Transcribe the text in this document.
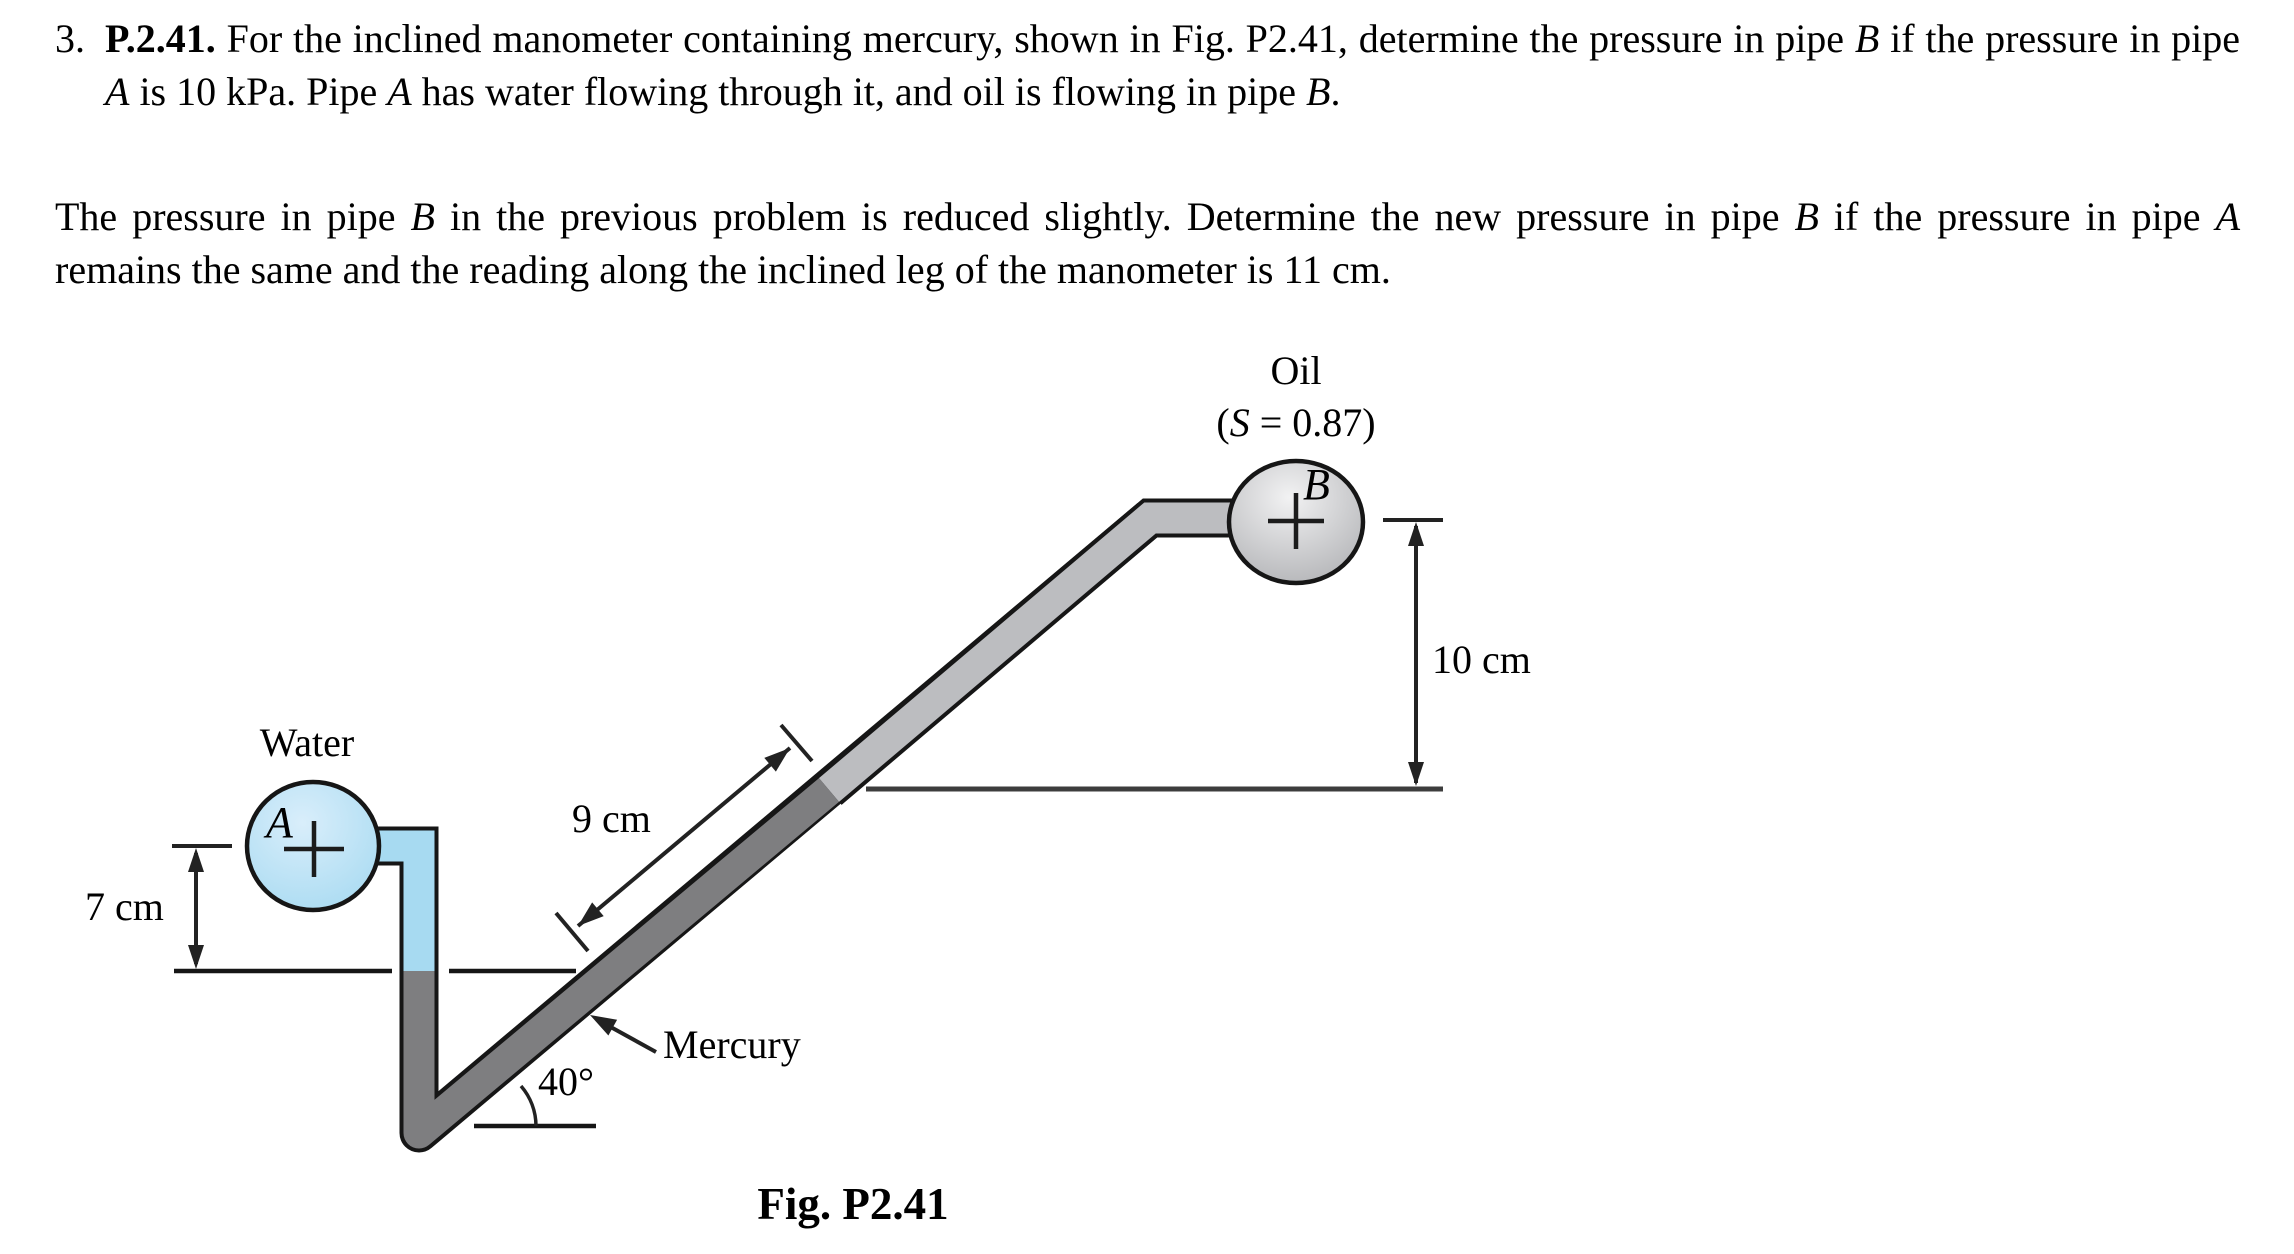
3. P.2.41. For the inclined manometer containing mercury, shown in Fig. P2.41, determine the pressure in pipe B if the pressure in pipe A is 10 kPa. Pipe A has water flowing through it, and oil is flowing in pipe B.
The pressure in pipe B in the previous problem is reduced slightly. Determine the new pressure in pipe B if the pressure in pipe A remains the same and the reading along the inclined leg of the manometer is 11 cm.
Oil
(S = 0.87)
Water
A
B
10 cm
7 cm
9 cm
Mercury
40°
Fig. P2.41
